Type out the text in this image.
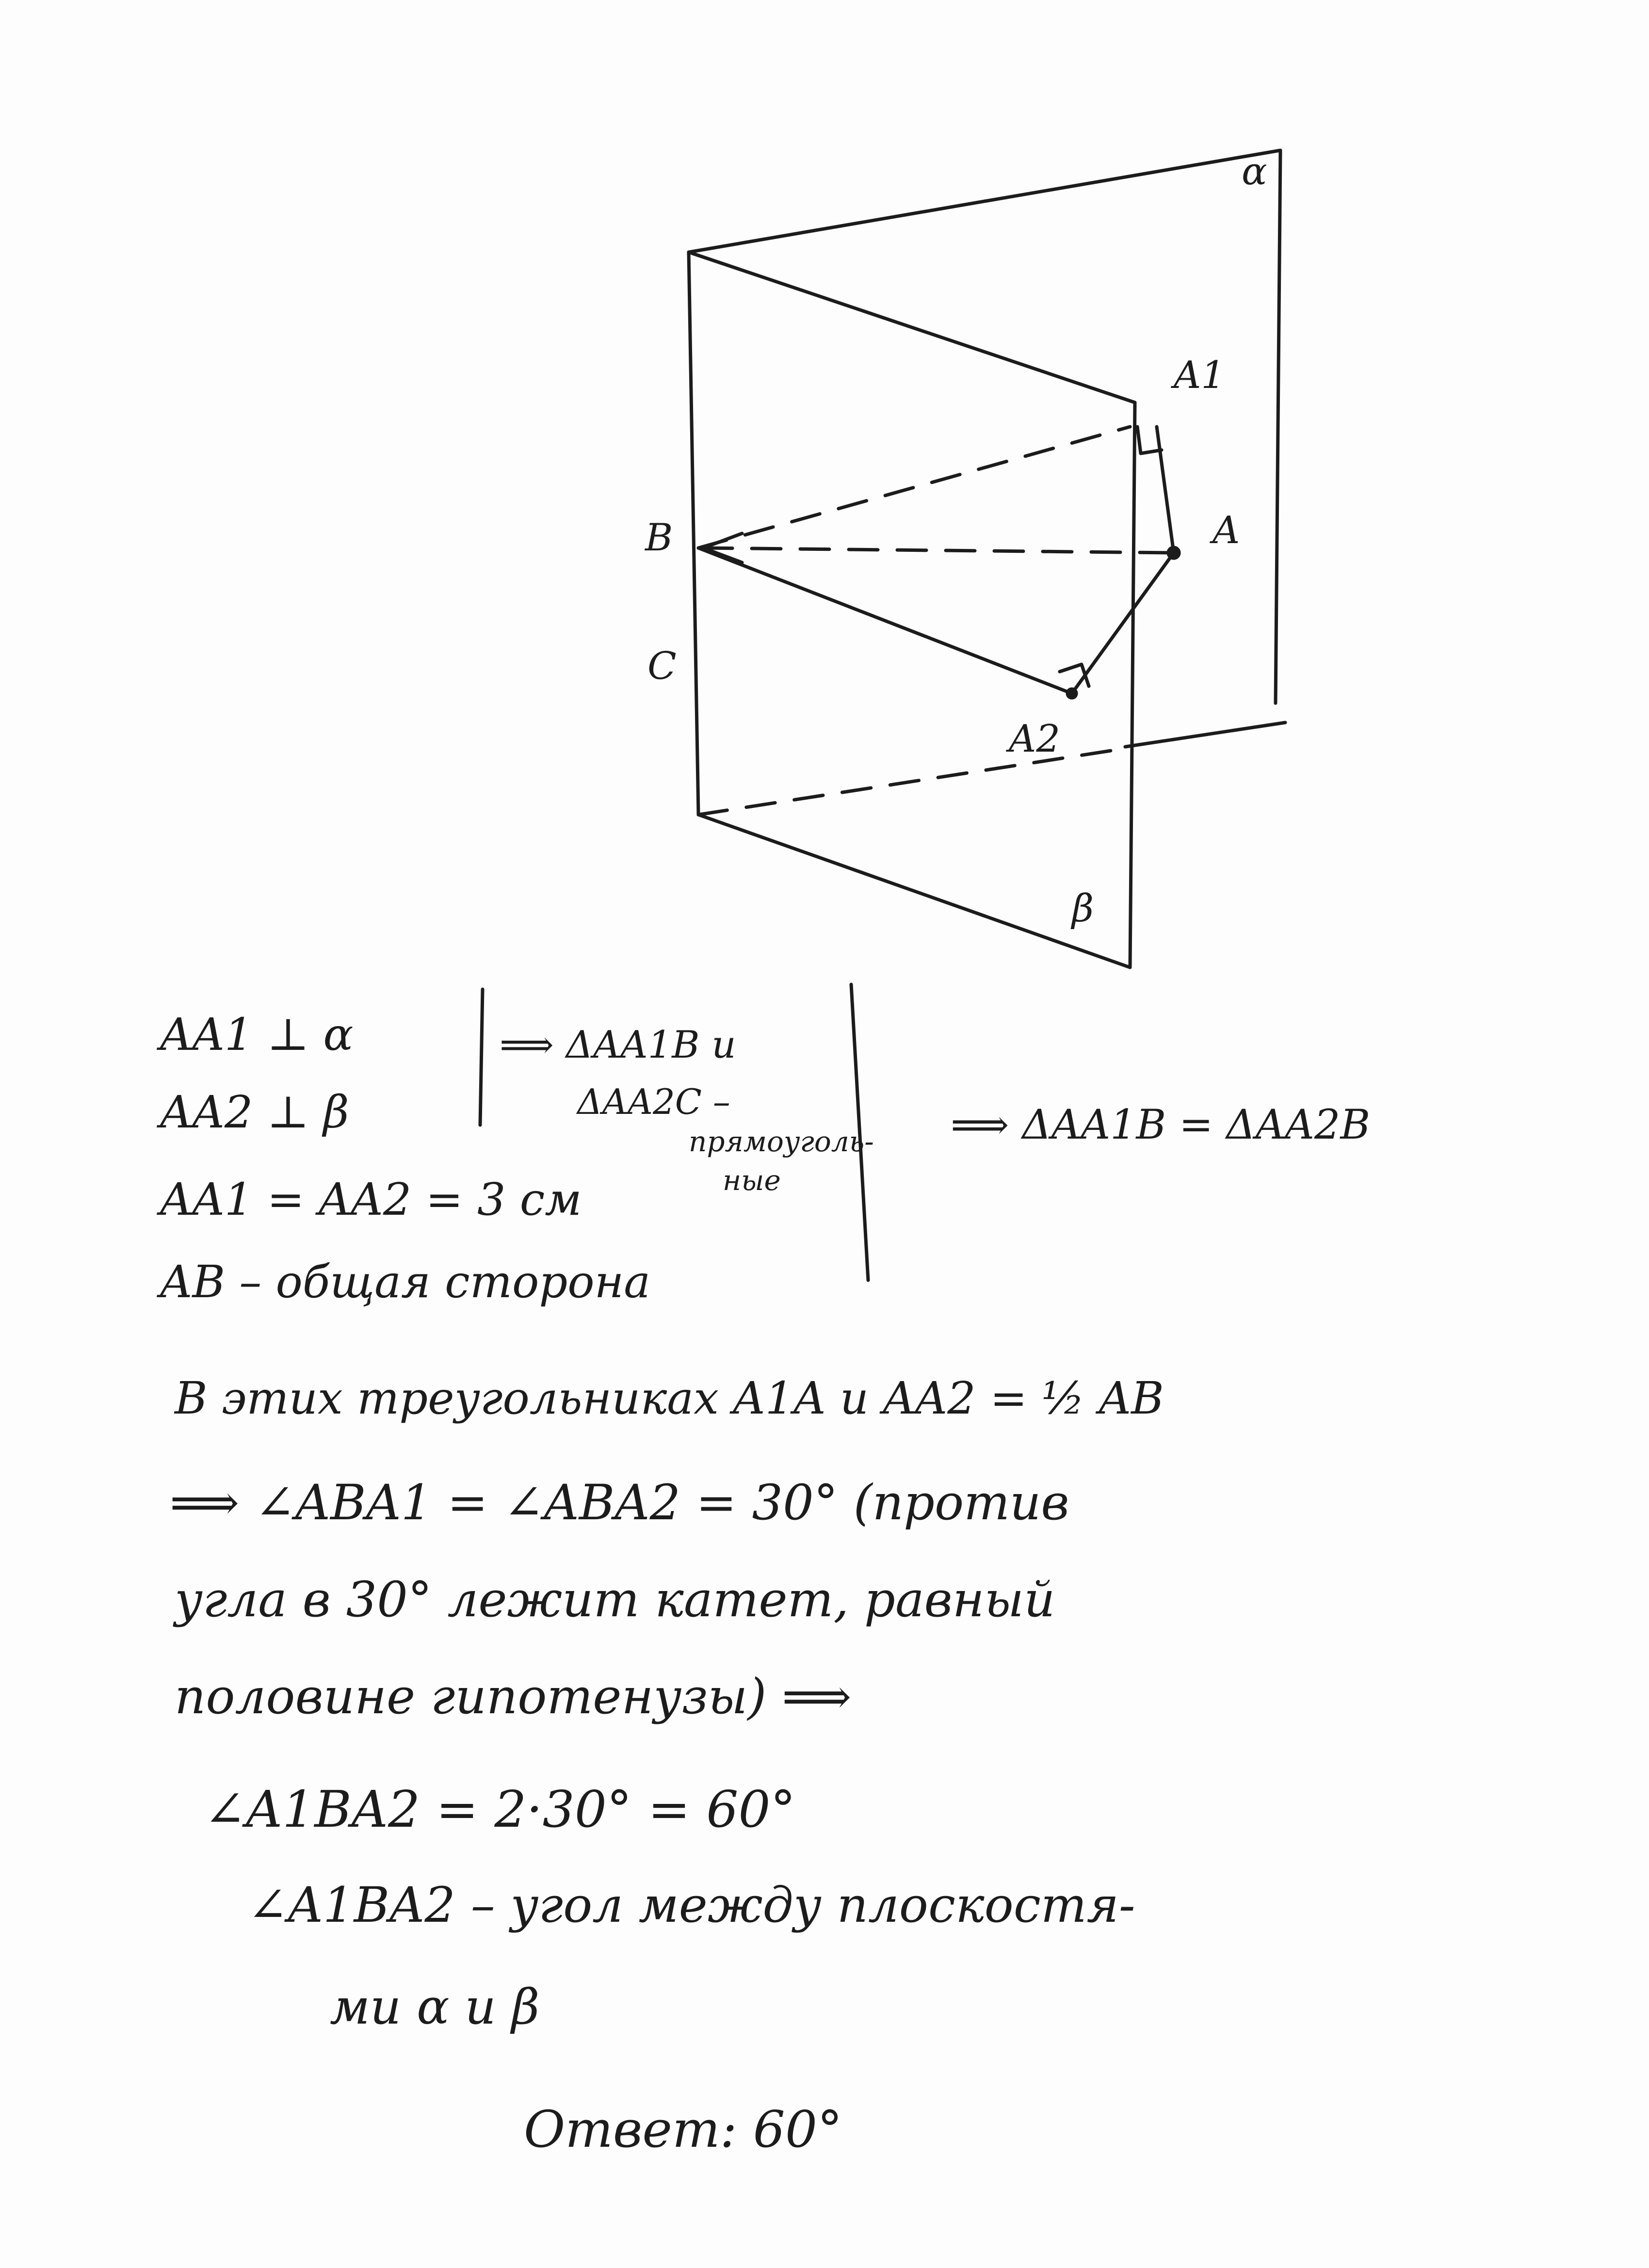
α
β
A1
A
A2
B
C
AA1 ⊥ α
AA2 ⊥ β
AA1 = AA2 = 3 см
AB – общая сторона
⟹ ΔAA1B и
ΔAA2C –
прямоуголь-
ные
⟹ ΔAA1B = ΔAA2B
В этих треугольниках A1A и AA2 = ½ AB
⟹ ∠ABA1 = ∠ABA2 = 30° (против
угла в 30° лежит катет, равный
половине гипотенузы) ⟹
∠A1BA2 = 2·30° = 60°
∠A1BA2 – угол между плоскостя-
ми α и β
Ответ: 60°
